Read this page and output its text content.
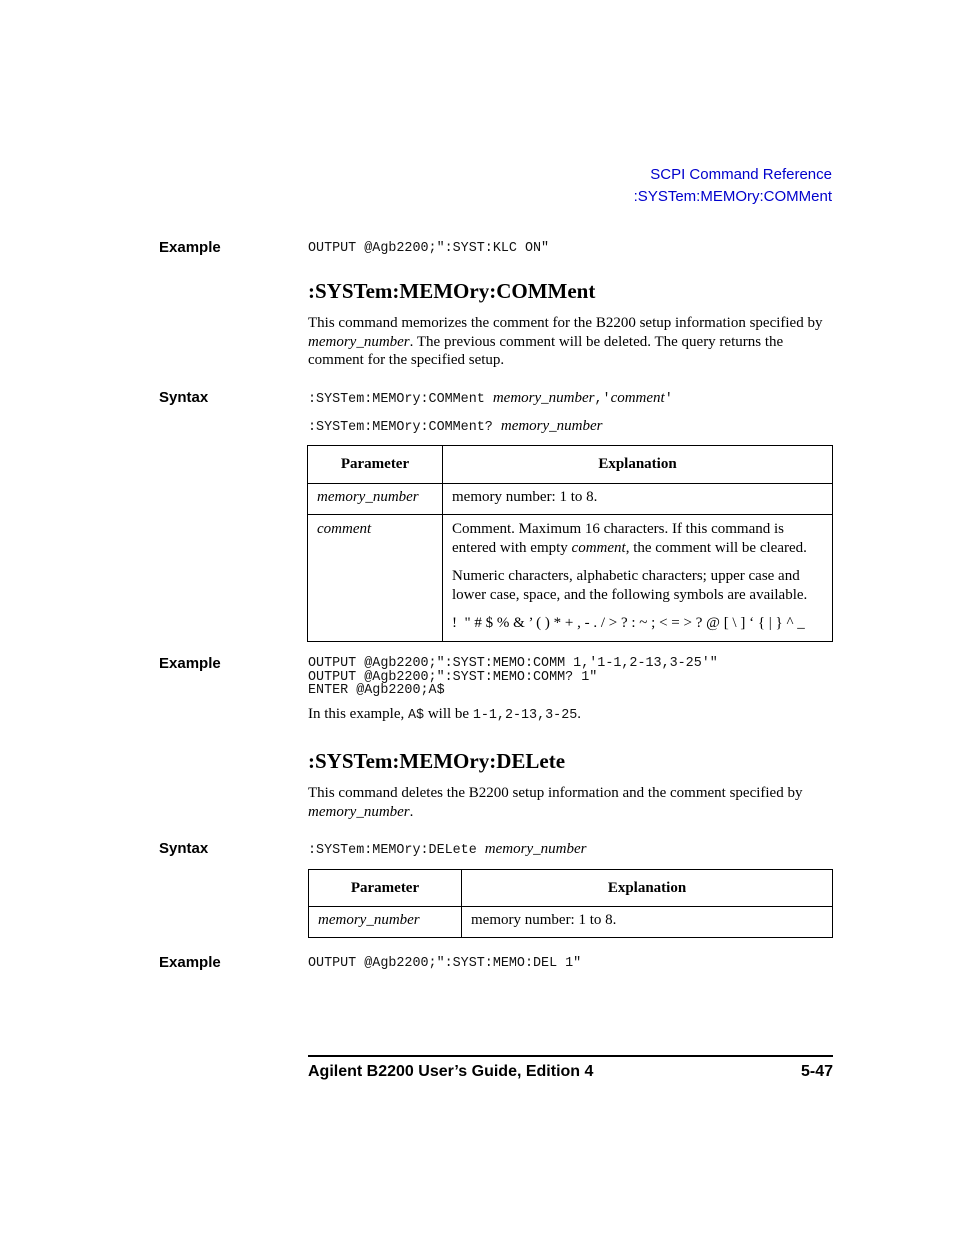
SCPI Command Reference
:SYSTem:MEMOry:COMMent
Example	OUTPUT @Agb2200;":SYST:KLC ON"
:SYSTem:MEMOry:COMMent
This command memorizes the comment for the B2200 setup information specified by memory_number. The previous comment will be deleted. The query returns the comment for the specified setup.
Syntax	:SYSTem:MEMOry:COMMent memory_number,'comment'
:SYSTem:MEMOry:COMMent? memory_number
Parameter	Explanation
memory_number	memory number: 1 to 8.
comment	Comment. Maximum 16 characters. If this command is entered with empty comment, the comment will be cleared.

Numeric characters, alphabetic characters; upper case and lower case, space, and the following symbols are available.

!  " # $ % & ’ ( ) * + , - . / > ? : ~ ; < = > ? @ [ \ ] ‘ { | } ^ _

Example	OUTPUT @Agb2200;":SYST:MEMO:COMM 1,'1-1,2-13,3-25'"
OUTPUT @Agb2200;":SYST:MEMO:COMM? 1"
ENTER @Agb2200;A$
In this example, A$ will be 1-1,2-13,3-25.
:SYSTem:MEMOry:DELete
This command deletes the B2200 setup information and the comment specified by memory_number.
Syntax	:SYSTem:MEMOry:DELete memory_number
Parameter	Explanation
memory_number	memory number: 1 to 8.
Example	OUTPUT @Agb2200;":SYST:MEMO:DEL 1"
Agilent B2200 User’s Guide, Edition 4	5-47
